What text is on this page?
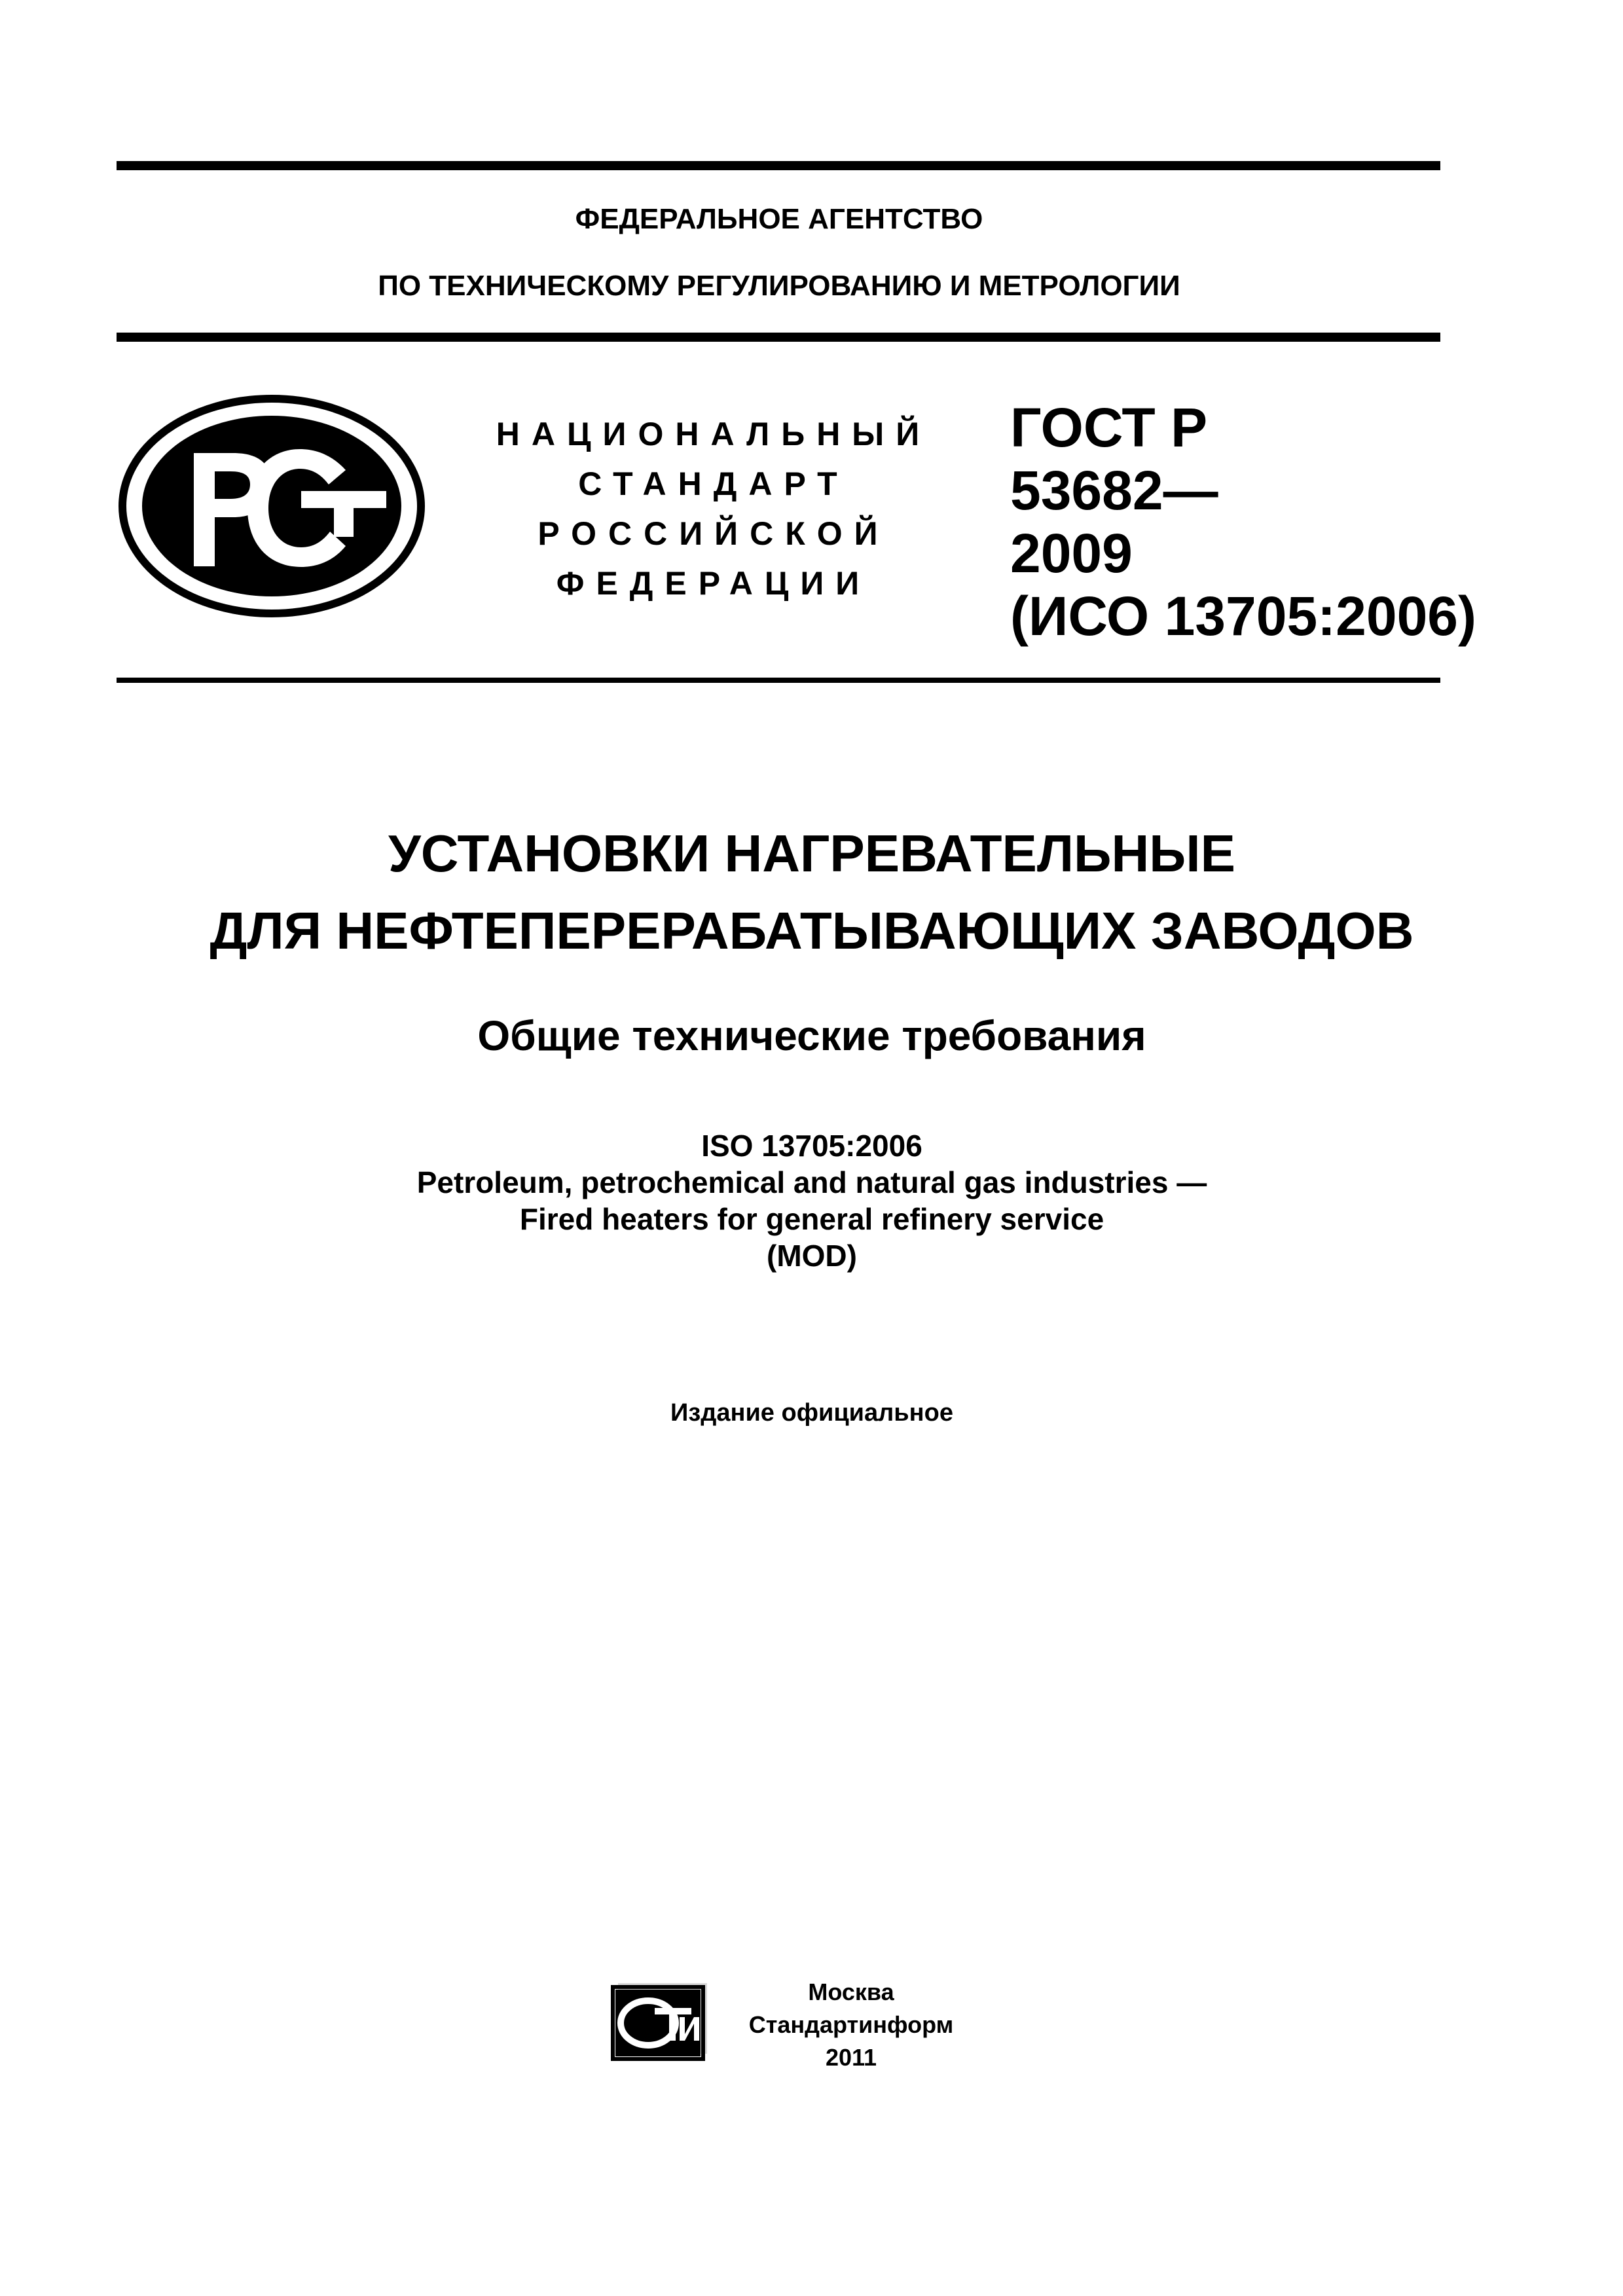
ФЕДЕРАЛЬНОЕ АГЕНТСТВО
ПО ТЕХНИЧЕСКОМУ РЕГУЛИРОВАНИЮ И МЕТРОЛОГИИ
НАЦИОНАЛЬНЫЙ
СТАНДАРТ
РОССИЙСКОЙ
ФЕДЕРАЦИИ
ГОСТ Р
53682—
2009
(ИСО 13705:2006)
УСТАНОВКИ НАГРЕВАТЕЛЬНЫЕ
ДЛЯ НЕФТЕПЕРЕРАБАТЫВАЮЩИХ ЗАВОДОВ
Общие технические требования
ISO 13705:2006
Petroleum, petrochemical and natural gas industries —
Fired heaters for general refinery service
(MOD)
Издание официальное
Москва
Стандартинформ
2011
